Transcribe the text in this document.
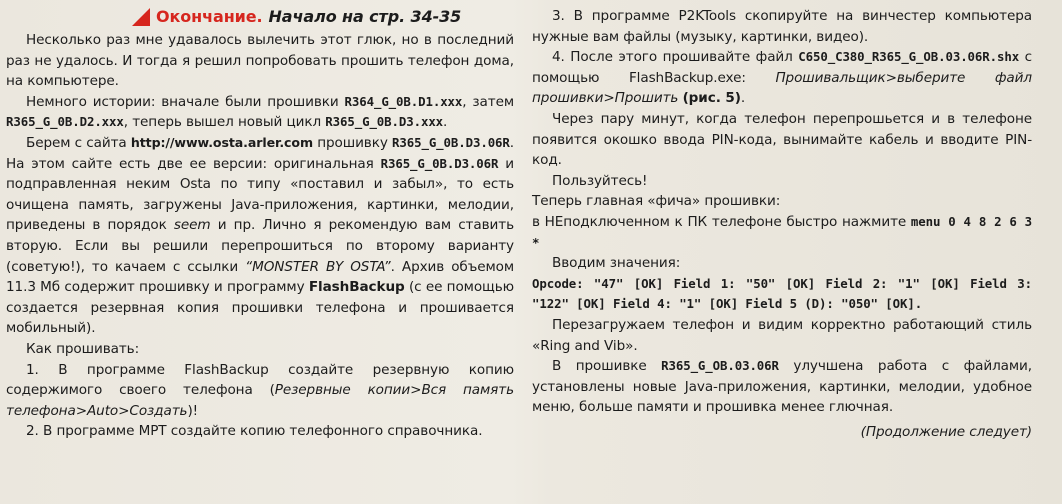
Окончание. Начало на стр. 34-35

Несколько раз мне удавалось вылечить этот глюк, но в последний раз не удалось. И тогда я решил попробовать прошить телефон дома, на компьютере.

Немного истории: вначале были прошивки R364_G_0B.D1.xxx, затем R365_G_0B.D2.xxx, теперь вышел новый цикл R365_G_0B.D3.xxx.

Берем с сайта http://www.osta.arler.com прошивку R365_G_0B.D3.06R. На этом сайте есть две ее версии: оригинальная R365_G_0B.D3.06R и подправленная неким Osta по типу «поставил и забыл», то есть очищена память, загружены Java-приложения, картинки, мелодии, приведены в порядок seem и пр. Лично я рекомендую вам ставить вторую. Если вы решили перепрошиться по второму варианту (советую!), то качаем с ссылки “MONSTER BY OSTA”. Архив объемом 11.3 Мб содержит прошивку и программу FlashBackup (с ее помощью создается резервная копия прошивки телефона и прошивается мобильный).

Как прошивать:

1. В программе FlashBackup создайте резервную копию содержимого своего телефона (Резервные копии>Вся память телефона>Auto>Создать)!

2. В программе MPT создайте копию телефонного справочника.

3. В программе P2KTools скопируйте на винчестер компьютера нужные вам файлы (музыку, картинки, видео).

4. После этого прошивайте файл C650_C380_R365_G_OB.03.06R.shx с помощью FlashBackup.exe: Прошивальщик>выберите файл прошивки>Прошить (рис. 5).

Через пару минут, когда телефон перепрошьется и в телефоне появится окошко ввода PIN-кода, вынимайте кабель и вводите PIN-код.

Пользуйтесь!

Теперь главная «фича» прошивки:

в НЕподключенном к ПК телефоне быстро нажмите menu 0 4 8 2 6 3 *

Вводим значения:

Opcode: "47" [OK] Field 1: "50" [OK] Field 2: "1" [OK] Field 3: "122" [OK] Field 4: "1" [OK] Field 5 (D): "050" [OK].

Перезагружаем телефон и видим корректно работающий стиль «Ring and Vib».

В прошивке R365_G_OB.03.06R улучшена работа с файлами, установлены новые Java-приложения, картинки, мелодии, удобное меню, больше памяти и прошивка менее глючная.

(Продолжение следует)
